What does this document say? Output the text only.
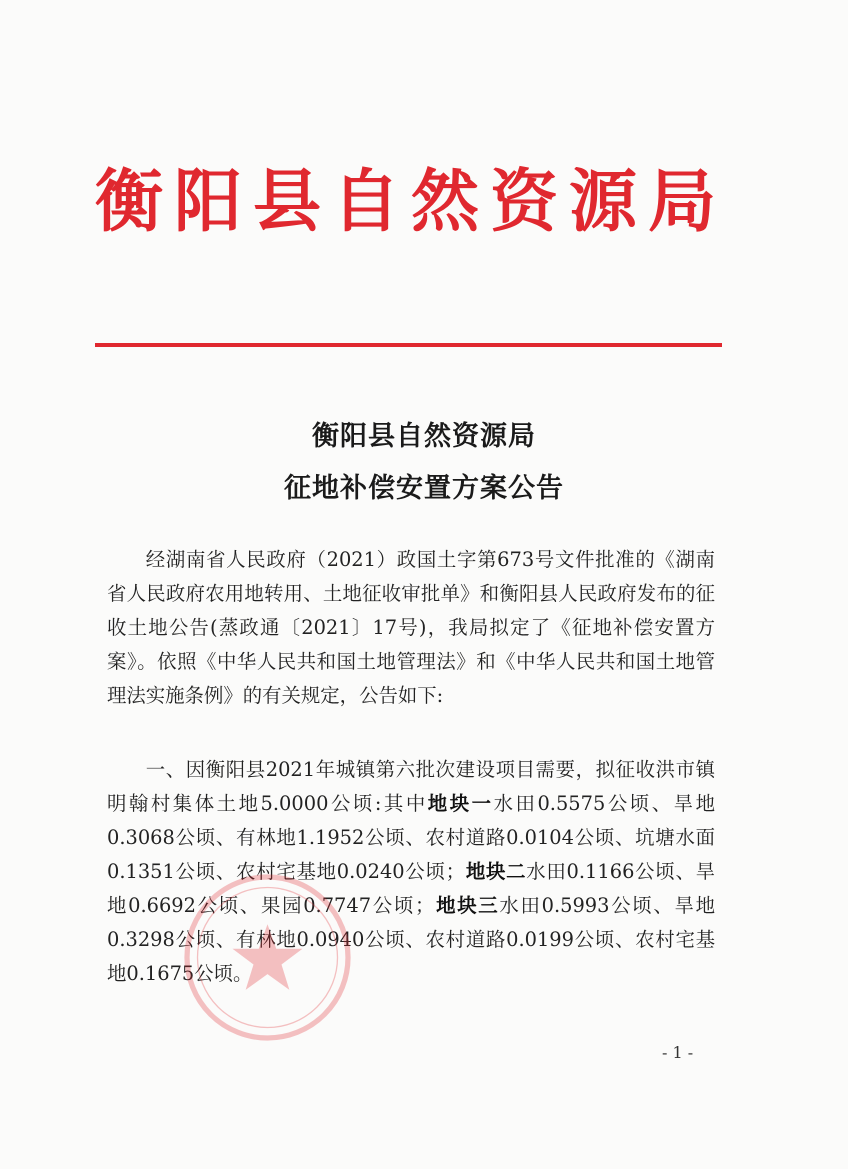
衡阳县自然资源局
衡阳县自然资源局
征地补偿安置方案公告
经湖南省人民政府（2021）政国土字第673号文件批准的《湖南省人民政府农用地转用、土地征收审批单》和衡阳县人民政府发布的征收土地公告(蒸政通〔2021〕17号)，我局拟定了《征地补偿安置方案》。依照《中华人民共和国土地管理法》和《中华人民共和国土地管理法实施条例》的有关规定，公告如下:
一、因衡阳县2021年城镇第六批次建设项目需要，拟征收洪市镇明翰村集体土地5.0000公顷:其中地块一水田0.5575公顷、旱地0.3068公顷、有林地1.1952公顷、农村道路0.0104公顷、坑塘水面0.1351公顷、农村宅基地0.0240公顷；地块二水田0.1166公顷、旱地0.6692公顷、果园0.7747公顷；地块三水田0.5993公顷、旱地0.3298公顷、有林地0.0940公顷、农村道路0.0199公顷、农村宅基地0.1675公顷。
- 1 -
